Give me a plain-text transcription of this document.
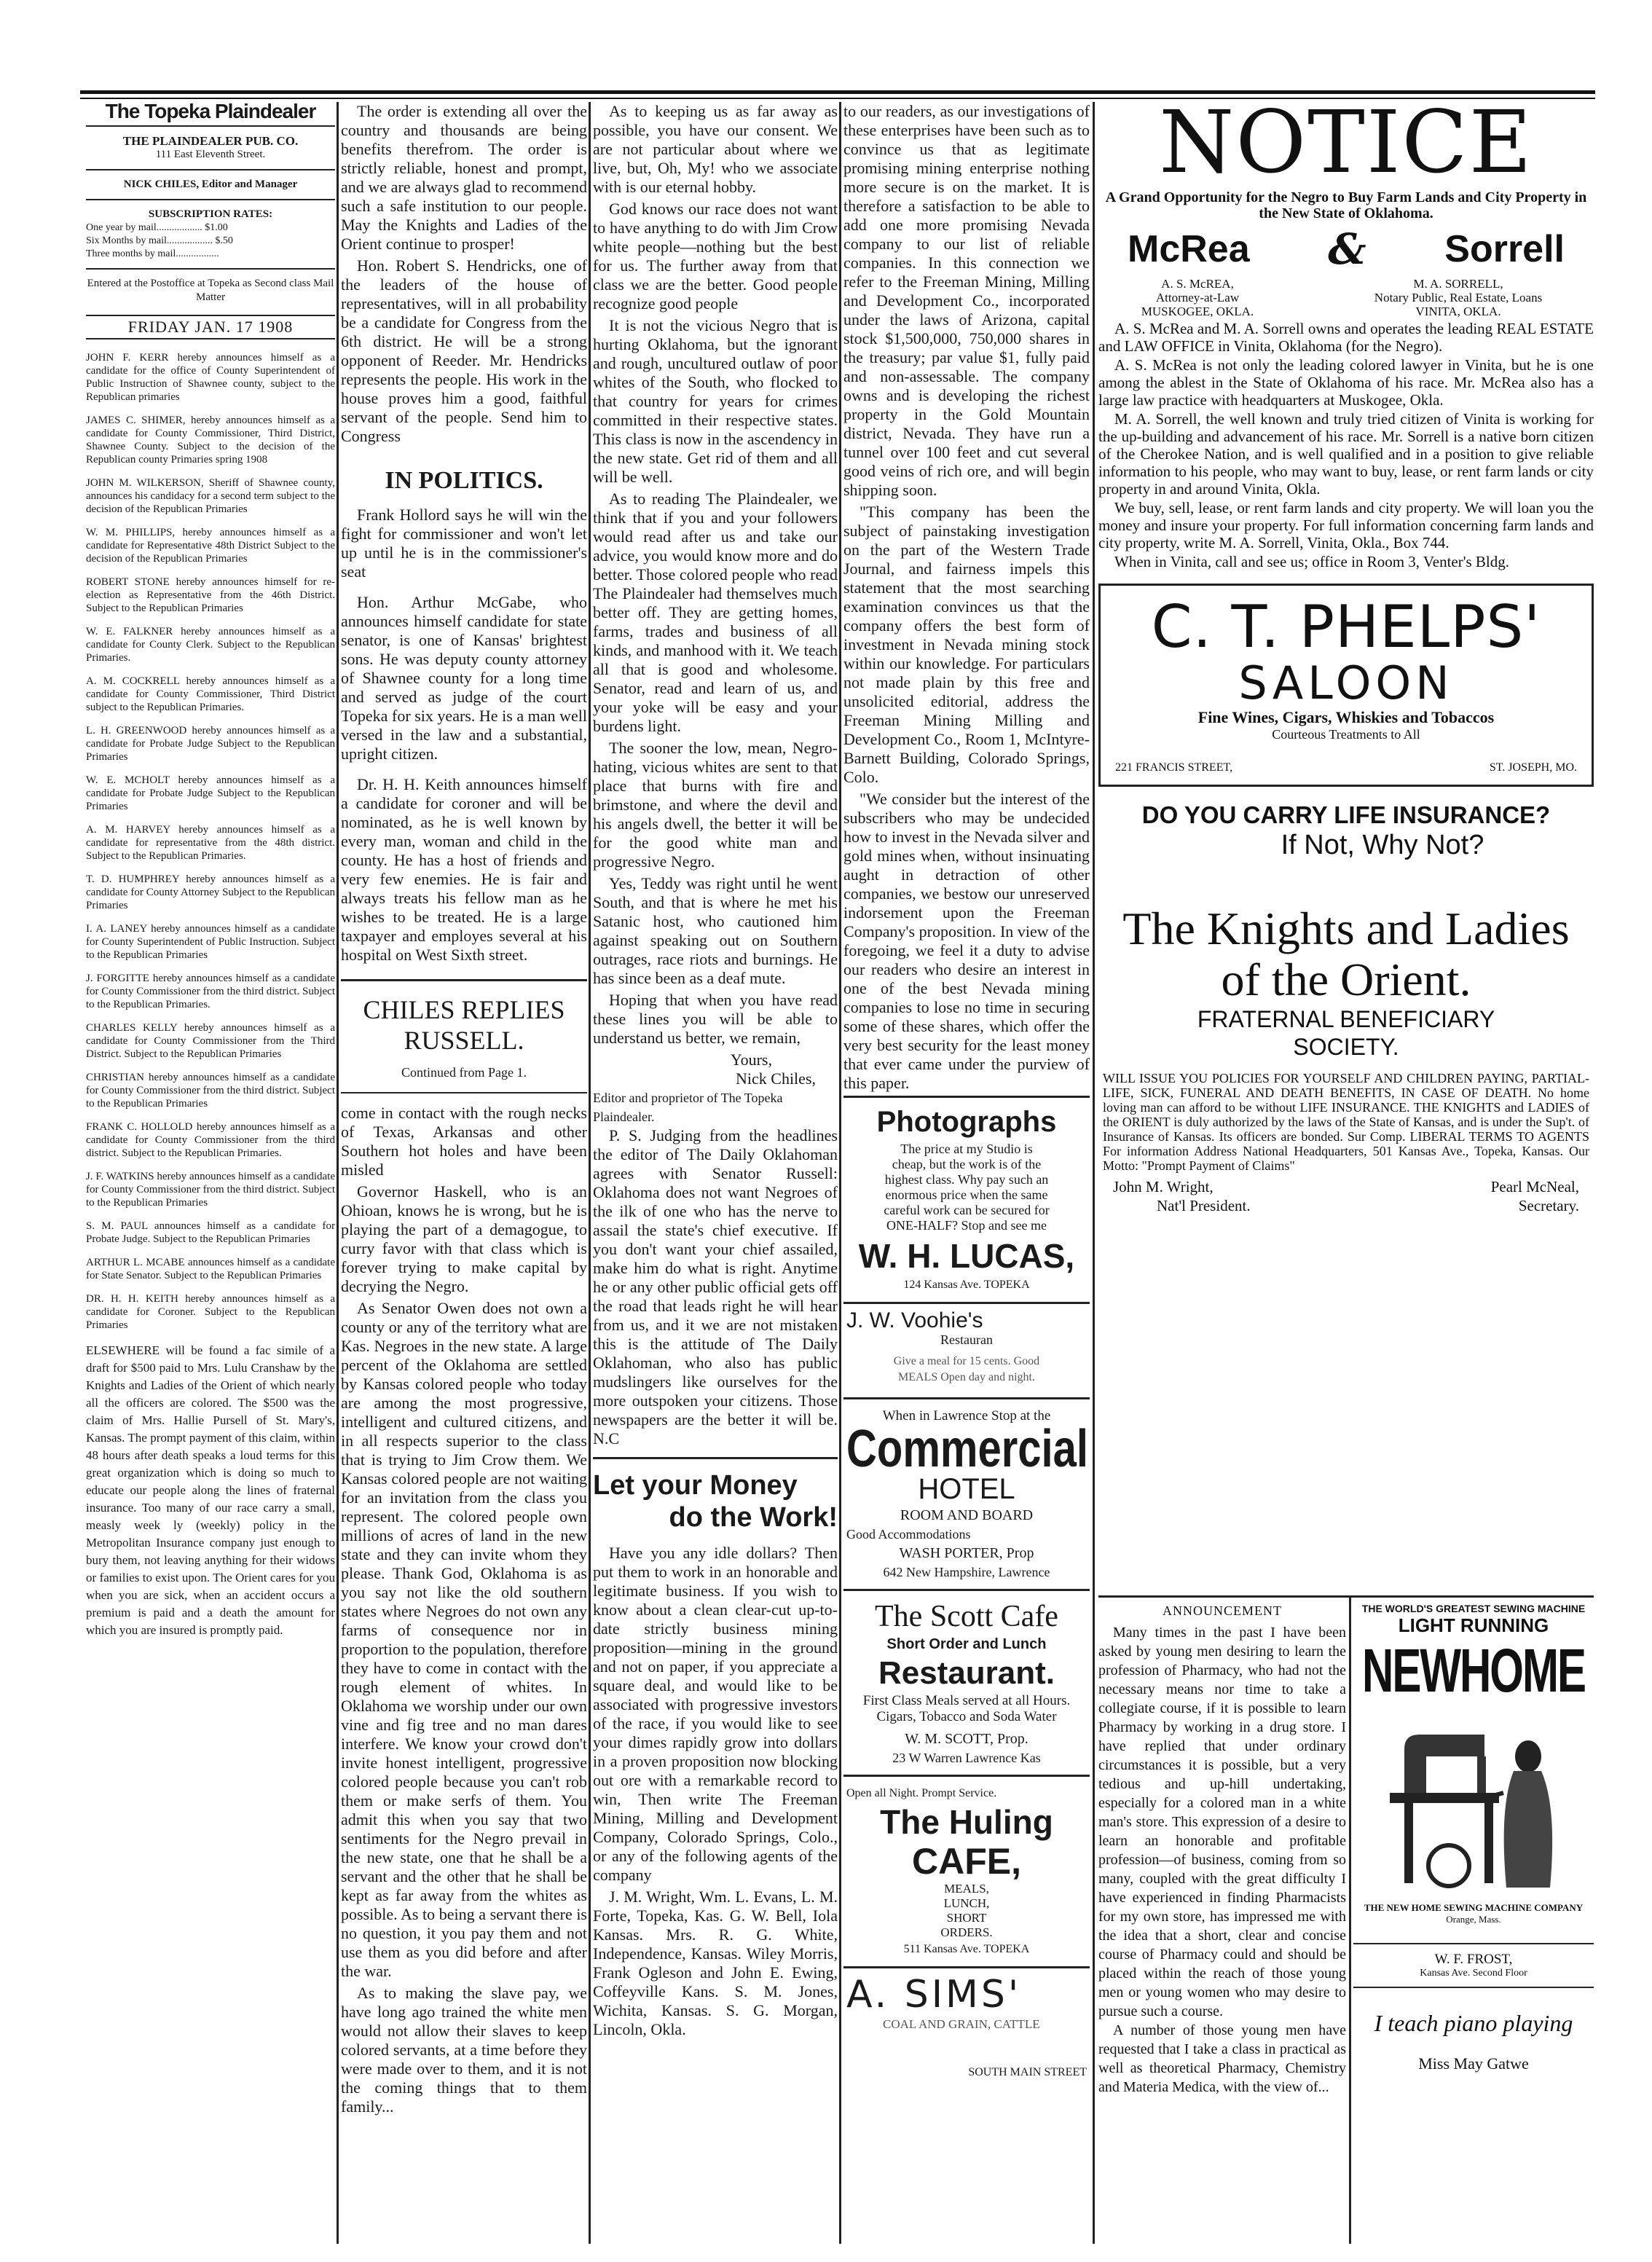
The Topeka Plaindealer
THE PLAINDEALER PUB. CO.
111 East Eleventh Street.
NICK CHILES, Editor and Manager
SUBSCRIPTION RATES:
One year by mail.................. $1.00
Six Months by mail.................. $.50
Three months by mail.................
Entered at the Postoffice at Topeka as Second class Mail Matter
FRIDAY JAN. 17 1908

JOHN F. KERR hereby announces himself as a candidate for the office of County Superintendent of Public Instruction of Shawnee county, subject to the Republican primaries

JAMES C. SHIMER, hereby announces himself as a candidate for County Commissioner, Third District, Shawnee County. Subject to the decision of the Republican county Primaries spring 1908

JOHN M. WILKERSON, Sheriff of Shawnee county, announces his candidacy for a second term subject to the decision of the Republican Primaries

W. M. PHILLIPS, hereby announces himself as a candidate for Representative 48th District Subject to the decision of the Republican Primaries

ROBERT STONE hereby announces himself for re-election as Representative from the 46th District. Subject to the Republican Primaries

W. E. FALKNER hereby announces himself as a candidate for County Clerk. Subject to the Republican Primaries.

A. M. COCKRELL hereby announces himself as a candidate for County Commissioner, Third District subject to the Republican Primaries.

L. H. GREENWOOD hereby announces himself as a candidate for Probate Judge Subject to the Republican Primaries

W. E. MCHOLT hereby announces himself as a candidate for Probate Judge Subject to the Republican Primaries

A. M. HARVEY hereby announces himself as a candidate for representative from the 48th district. Subject to the Republican Primaries.

T. D. HUMPHREY hereby announces himself as a candidate for County Attorney Subject to the Republican Primaries

I. A. LANEY hereby announces himself as a candidate for County Superintendent of Public Instruction. Subject to the Republican Primaries

J. FORGITTE hereby announces himself as a candidate for County Commissioner from the third district. Subject to the Republican Primaries.

CHARLES KELLY hereby announces himself as a candidate for County Commissioner from the Third District. Subject to the Republican Primaries

CHRISTIAN hereby announces himself as a candidate for County Commissioner from the third district. Subject to the Republican Primaries

FRANK C. HOLLOLD hereby announces himself as a candidate for County Commissioner from the third district. Subject to the Republican Primaries.

J. F. WATKINS hereby announces himself as a candidate for County Commissioner from the third district. Subject to the Republican Primaries

S. M. PAUL announces himself as a candidate for Probate Judge. Subject to the Republican Primaries

ARTHUR L. MCABE announces himself as a candidate for State Senator. Subject to the Republican Primaries

DR. H. H. KEITH hereby announces himself as a candidate for Coroner. Subject to the Republican Primaries

ELSEWHERE will be found a fac simile of a draft for $500 paid to Mrs. Lulu Cranshaw by the Knights and Ladies of the Orient of which nearly all the officers are colored. The $500 was the claim of Mrs. Hallie Pursell of St. Mary's, Kansas. The prompt payment of this claim, within 48 hours after death speaks a loud terms for this great organization which is doing so much to educate our people along the lines of fraternal insurance. Too many of our race carry a small, measly week ly (weekly) policy in the Metropolitan Insurance company just enough to bury them, not leaving anything for their widows or families to exist upon. The Orient cares for you when you are sick, when an accident occurs a premium is paid and a death the amount for which you are insured is promptly paid.

The order is extending all over the country and thousands are being benefits therefrom. The order is strictly reliable, honest and prompt, and we are always glad to recommend such a safe institution to our people. May the Knights and Ladies of the Orient continue to prosper!

Hon. Robert S. Hendricks, one of the leaders of the house of representatives, will in all probability be a candidate for Congress from the 6th district. He will be a strong opponent of Reeder. Mr. Hendricks represents the people. His work in the house proves him a good, faithful servant of the people. Send him to Congress

IN POLITICS.

Frank Hollord says he will win the fight for commissioner and won't let up until he is in the commissioner's seat

Hon. Arthur McGabe, who announces himself candidate for state senator, is one of Kansas' brightest sons. He was deputy county attorney of Shawnee county for a long time and served as judge of the court Topeka for six years. He is a man well versed in the law and a substantial, upright citizen.

Dr. H. H. Keith announces himself a candidate for coroner and will be nominated, as he is well known by every man, woman and child in the county. He has a host of friends and very few enemies. He is fair and always treats his fellow man as he wishes to be treated. He is a large taxpayer and employes several at his hospital on West Sixth street.

CHILES REPLIES RUSSELL.
Continued from Page 1.

come in contact with the rough necks of Texas, Arkansas and other Southern hot holes and have been misled

Governor Haskell, who is an Ohioan, knows he is wrong, but he is playing the part of a demagogue, to curry favor with that class which is forever trying to make capital by decrying the Negro.

As Senator Owen does not own a county or any of the territory what are Kas. Negroes in the new state. A large percent of the Oklahoma are settled by Kansas colored people who today are among the most progressive, intelligent and cultured citizens, and in all respects superior to the class that is trying to Jim Crow them. We Kansas colored people are not waiting for an invitation from the class you represent. The colored people own millions of acres of land in the new state and they can invite whom they please. Thank God, Oklahoma is as you say not like the old southern states where Negroes do not own any farms of consequence nor in proportion to the population, therefore they have to come in contact with the rough element of whites. In Oklahoma we worship under our own vine and fig tree and no man dares interfere. We know your crowd don't invite honest intelligent, progressive colored people because you can't rob them or make serfs of them. You admit this when you say that two sentiments for the Negro prevail in the new state, one that he shall be a servant and the other that he shall be kept as far away from the whites as possible. As to being a servant there is no question, it you pay them and not use them as you did before and after the war.

As to making the slave pay, we have long ago trained the white men would not allow their slaves to keep colored servants, at a time before they were made over to them, and it is not the coming things that to them family...

As to keeping us as far away as possible, you have our consent. We are not particular about where we live, but, Oh, My! who we associate with is our eternal hobby.

God knows our race does not want to have anything to do with Jim Crow white people—nothing but the best for us. The further away from that class we are the better. Good people recognize good people

It is not the vicious Negro that is hurting Oklahoma, but the ignorant and rough, uncultured outlaw of poor whites of the South, who flocked to that country for years for crimes committed in their respective states. This class is now in the ascendency in the new state. Get rid of them and all will be well.

As to reading The Plaindealer, we think that if you and your followers would read after us and take our advice, you would know more and do better. Those colored people who read The Plaindealer had themselves much better off. They are getting homes, farms, trades and business of all kinds, and manhood with it. We teach all that is good and wholesome. Senator, read and learn of us, and your yoke will be easy and your burdens light.

The sooner the low, mean, Negro-hating, vicious whites are sent to that place that burns with fire and brimstone, and where the devil and his angels dwell, the better it will be for the good white man and progressive Negro.

Yes, Teddy was right until he went South, and that is where he met his Satanic host, who cautioned him against speaking out on Southern outrages, race riots and burnings. He has since been as a deaf mute.

Hoping that when you have read these lines you will be able to understand us better, we remain,

Yours,
Nick Chiles,
Editor and proprietor of The Topeka Plaindealer.

P. S. Judging from the headlines the editor of The Daily Oklahoman agrees with Senator Russell: Oklahoma does not want Negroes of the ilk of one who has the nerve to assail the state's chief executive. If you don't want your chief assailed, make him do what is right. Anytime he or any other public official gets off the road that leads right he will hear from us, and it we are not mistaken this is the attitude of The Daily Oklahoman, who also has public mudslingers like ourselves for the more outspoken your citizens. Those newspapers are the better it will be. N.C

Let your Money
do the Work!

Have you any idle dollars? Then put them to work in an honorable and legitimate business. If you wish to know about a clean clear-cut up-to-date strictly business mining proposition—mining in the ground and not on paper, if you appreciate a square deal, and would like to be associated with progressive investors of the race, if you would like to see your dimes rapidly grow into dollars in a proven proposition now blocking out ore with a remarkable record to win, Then write The Freeman Mining, Milling and Development Company, Colorado Springs, Colo., or any of the following agents of the company

J. M. Wright, Wm. L. Evans, L. M. Forte, Topeka, Kas. G. W. Bell, Iola Kansas. Mrs. R. G. White, Independence, Kansas. Wiley Morris, Frank Ogleson and John E. Ewing, Coffeyville Kans. S. M. Jones, Wichita, Kansas. S. G. Morgan, Lincoln, Okla.

to our readers, as our investigations of these enterprises have been such as to convince us that as legitimate promising mining enterprise nothing more secure is on the market. It is therefore a satisfaction to be able to add one more promising Nevada company to our list of reliable companies. In this connection we refer to the Freeman Mining, Milling and Development Co., incorporated under the laws of Arizona, capital stock $1,500,000, 750,000 shares in the treasury; par value $1, fully paid and non-assessable. The company owns and is developing the richest property in the Gold Mountain district, Nevada. They have run a tunnel over 100 feet and cut several good veins of rich ore, and will begin shipping soon.

"This company has been the subject of painstaking investigation on the part of the Western Trade Journal, and fairness impels this statement that the most searching examination convinces us that the company offers the best form of investment in Nevada mining stock within our knowledge. For particulars not made plain by this free and unsolicited editorial, address the Freeman Mining Milling and Development Co., Room 1, McIntyre-Barnett Building, Colorado Springs, Colo.

"We consider but the interest of the subscribers who may be undecided how to invest in the Nevada silver and gold mines when, without insinuating aught in detraction of other companies, we bestow our unreserved indorsement upon the Freeman Company's proposition. In view of the foregoing, we feel it a duty to advise our readers who desire an interest in one of the best Nevada mining companies to lose no time in securing some of these shares, which offer the very best security for the least money that ever came under the purview of this paper.

Photographs
The price at my Studio is cheap, but the work is of the highest class. Why pay such an enormous price when the same careful work can be secured for ONE-HALF? Stop and see me
W. H. LUCAS,
124 Kansas Ave. TOPEKA
J. W. Voohie's
Restauran
Give a meal for 15 cents. Good MEALS Open day and night.
When in Lawrence Stop at the
Commercial
HOTEL
ROOM AND BOARD
Good Accommodations
WASH PORTER, Prop
642 New Hampshire, Lawrence
The Scott Cafe
Short Order and Lunch
Restaurant.
First Class Meals served at all Hours. Cigars, Tobacco and Soda Water
W. M. SCOTT, Prop.
23 W Warren Lawrence Kas
Open all Night. Prompt Service.
The Huling
CAFE,
MEALS, LUNCH, SHORT ORDERS.
511 Kansas Ave. TOPEKA
A. SIMS'
COAL AND GRAIN, CATTLE
SOUTH MAIN STREET
NOTICE
A Grand Opportunity for the Negro to Buy Farm Lands and City Property in the New State of Oklahoma.
McRea & Sorrell
A. S. McREA,
Attorney-at-Law
MUSKOGEE, OKLA.
M. A. SORRELL,
Notary Public, Real Estate, Loans
VINITA, OKLA.

A. S. McRea and M. A. Sorrell owns and operates the leading REAL ESTATE and LAW OFFICE in Vinita, Oklahoma (for the Negro).

A. S. McRea is not only the leading colored lawyer in Vinita, but he is one among the ablest in the State of Oklahoma of his race. Mr. McRea also has a large law practice with headquarters at Muskogee, Okla.

M. A. Sorrell, the well known and truly tried citizen of Vinita is working for the up-building and advancement of his race. Mr. Sorrell is a native born citizen of the Cherokee Nation, and is well qualified and in a position to give reliable information to his people, who may want to buy, lease, or rent farm lands or city property in and around Vinita, Okla.

We buy, sell, lease, or rent farm lands and city property. We will loan you the money and insure your property. For full information concerning farm lands and city property, write M. A. Sorrell, Vinita, Okla., Box 744.

When in Vinita, call and see us; office in Room 3, Venter's Bldg.

C. T. PHELPS'
SALOON
Fine Wines, Cigars, Whiskies and Tobaccos
Courteous Treatments to All
221 FRANCIS STREET,	ST. JOSEPH, MO.
DO YOU CARRY LIFE INSURANCE?
If Not, Why Not?
The Knights and Ladies
of the Orient.
FRATERNAL BENEFICIARY
SOCIETY.
WILL ISSUE YOU POLICIES FOR YOURSELF AND CHILDREN PAYING, PARTIAL-LIFE, SICK, FUNERAL AND DEATH BENEFITS, IN CASE OF DEATH. No home loving man can afford to be without LIFE INSURANCE. THE KNIGHTS and LADIES of the ORIENT is duly authorized by the laws of the State of Kansas, and is under the Sup't. of Insurance of Kansas. Its officers are bonded. Sur Comp. LIBERAL TERMS TO AGENTS For information Address National Headquarters, 501 Kansas Ave., Topeka, Kansas. Our Motto: "Prompt Payment of Claims"
John M. Wright,
Nat'l President.
Pearl McNeal,
Secretary.
ANNOUNCEMENT

Many times in the past I have been asked by young men desiring to learn the profession of Pharmacy, who had not the necessary means nor time to take a collegiate course, if it is possible to learn Pharmacy by working in a drug store. I have replied that under ordinary circumstances it is possible, but a very tedious and up-hill undertaking, especially for a colored man in a white man's store. This expression of a desire to learn an honorable and profitable profession—of business, coming from so many, coupled with the great difficulty I have experienced in finding Pharmacists for my own store, has impressed me with the idea that a short, clear and concise course of Pharmacy could and should be placed within the reach of those young men or young women who may desire to pursue such a course.

A number of those young men have requested that I take a class in practical as well as theoretical Pharmacy, Chemistry and Materia Medica, with the view of...

THE WORLD'S GREATEST SEWING MACHINE
LIGHT RUNNING
NEWHOME
THE NEW HOME SEWING MACHINE COMPANY
Orange, Mass.
W. F. FROST,
Kansas Ave. Second Floor
I teach piano playing
Miss May Gatwe
